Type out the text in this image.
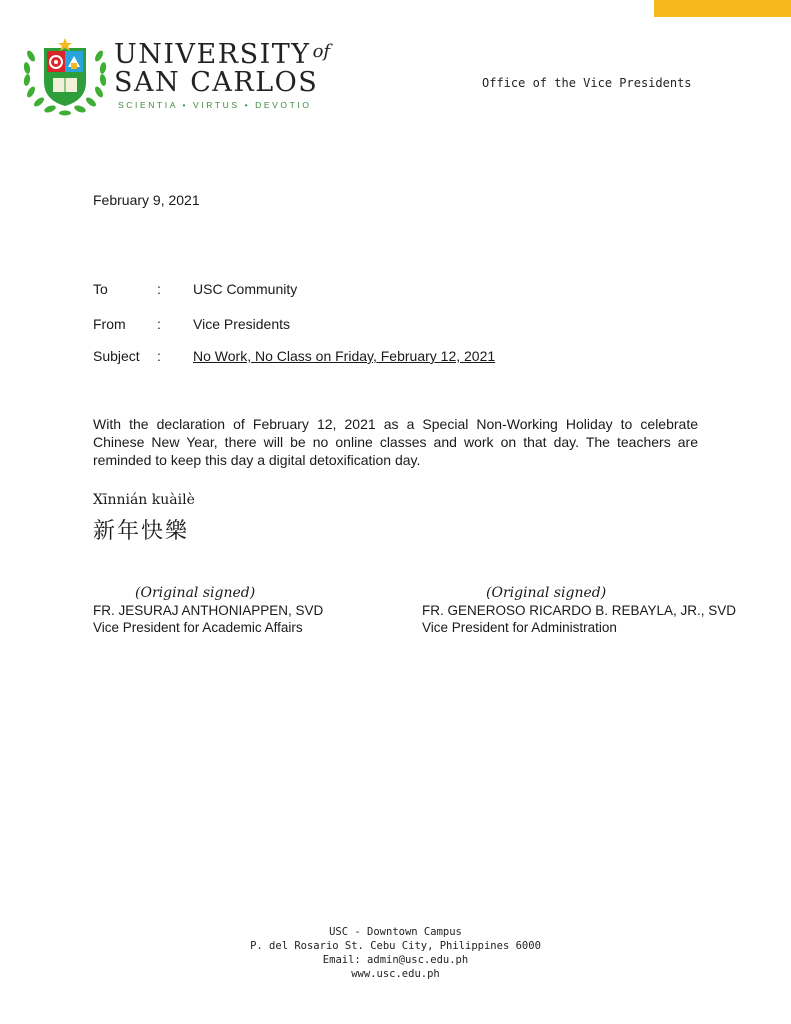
UNIVERSITY $^{of}$
SAN CARLOS
SCIENTIA • VIRTUS • DEVOTIO
Office of the Vice Presidents
February 9, 2021
To	:	USC Community
From	:	Vice Presidents
Subject	:	No Work, No Class on Friday, February 12, 2021
With the declaration of February 12, 2021 as a Special Non-Working Holiday to celebrate Chinese New Year, there will be no online classes and work on that day. The teachers are reminded to keep this day a digital detoxification day.
Xīnnián kuàilè
新年快樂
(Original signed)
FR. JESURAJ ANTHONIAPPEN, SVD
Vice President for Academic Affairs
(Original signed)
FR. GENEROSO RICARDO B. REBAYLA, JR., SVD
Vice President for Administration
USC - Downtown Campus
P. del Rosario St. Cebu City, Philippines 6000
Email: admin@usc.edu.ph
www.usc.edu.ph
